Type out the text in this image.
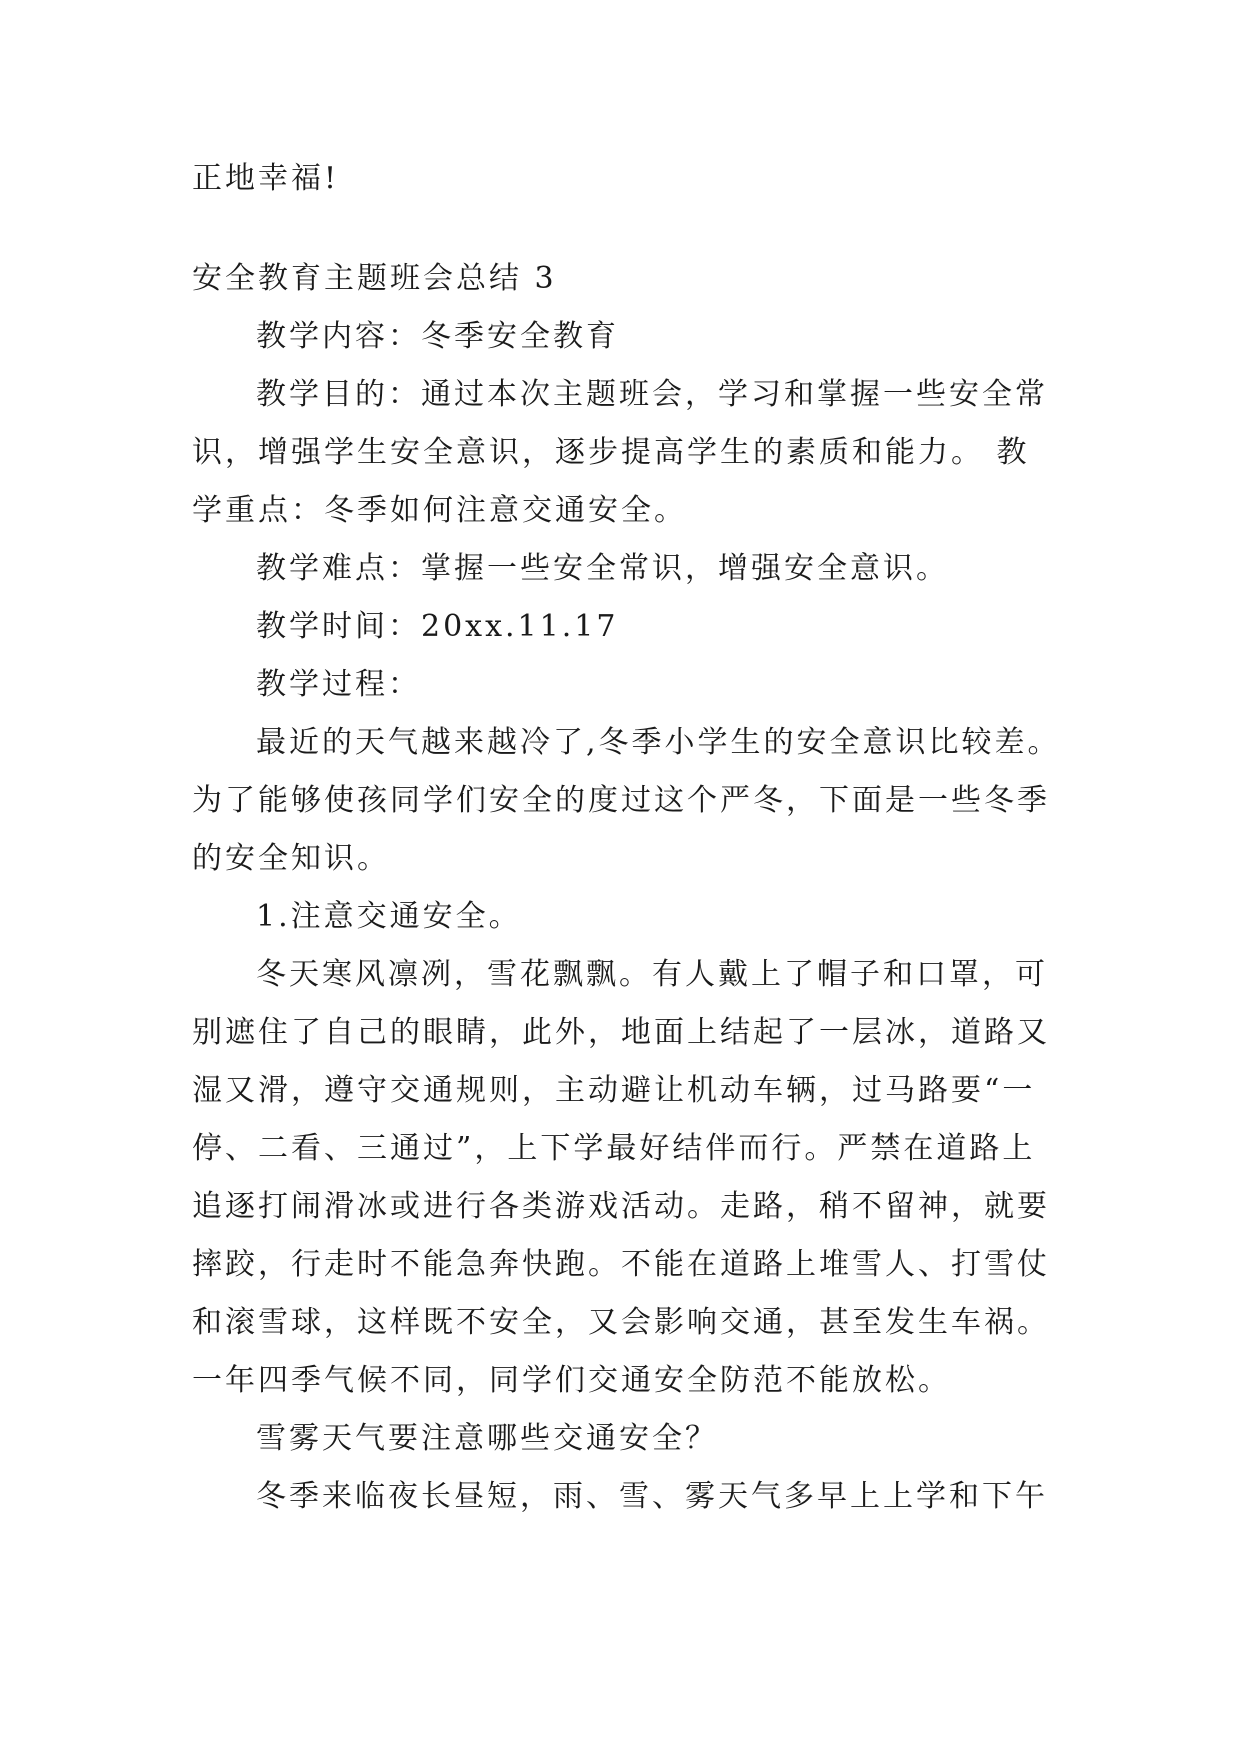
正地幸福!
安全教育主题班会总结 3
教学内容：冬季安全教育
教学目的：通过本次主题班会，学习和掌握一些安全常
识，增强学生安全意识，逐步提高学生的素质和能力。 教
学重点：冬季如何注意交通安全。
教学难点：掌握一些安全常识，增强安全意识。
教学时间：20xx.11.17
教学过程：
最近的天气越来越冷了,冬季小学生的安全意识比较差。
为了能够使孩同学们安全的度过这个严冬，下面是一些冬季
的安全知识。
1.注意交通安全。
冬天寒风凛冽，雪花飘飘。有人戴上了帽子和口罩，可
别遮住了自己的眼睛，此外，地面上结起了一层冰，道路又
湿又滑，遵守交通规则，主动避让机动车辆，过马路要“一
停、二看、三通过”，上下学最好结伴而行。严禁在道路上
追逐打闹滑冰或进行各类游戏活动。走路，稍不留神，就要
摔跤，行走时不能急奔快跑。不能在道路上堆雪人、打雪仗
和滚雪球，这样既不安全，又会影响交通，甚至发生车祸。
一年四季气候不同，同学们交通安全防范不能放松。
雪雾天气要注意哪些交通安全？
冬季来临夜长昼短，雨、雪、雾天气多早上上学和下午
